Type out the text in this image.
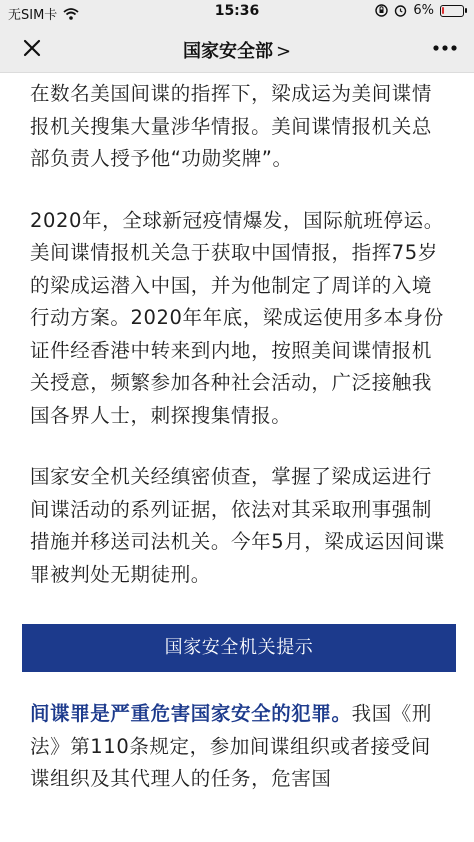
无SIM卡	15:36	6%
国家安全部 >

在数名美国间谍的指挥下，梁成运为美间谍情报机关搜集大量涉华情报。美间谍情报机关总部负责人授予他“功勋奖牌”。

2020年，全球新冠疫情爆发，国际航班停运。美间谍情报机关急于获取中国情报，指挥75岁的梁成运潜入中国，并为他制定了周详的入境行动方案。2020年年底，梁成运使用多本身份证件经香港中转来到内地，按照美间谍情报机关授意，频繁参加各种社会活动，广泛接触我国各界人士，刺探搜集情报。

国家安全机关经缜密侦查，掌握了梁成运进行间谍活动的系列证据，依法对其采取刑事强制措施并移送司法机关。今年5月，梁成运因间谍罪被判处无期徒刑。

国家安全机关提示

间谍罪是严重危害国家安全的犯罪。我国《刑法》第110条规定，参加间谍组织或者接受间谍组织及其代理人的任务，危害国
